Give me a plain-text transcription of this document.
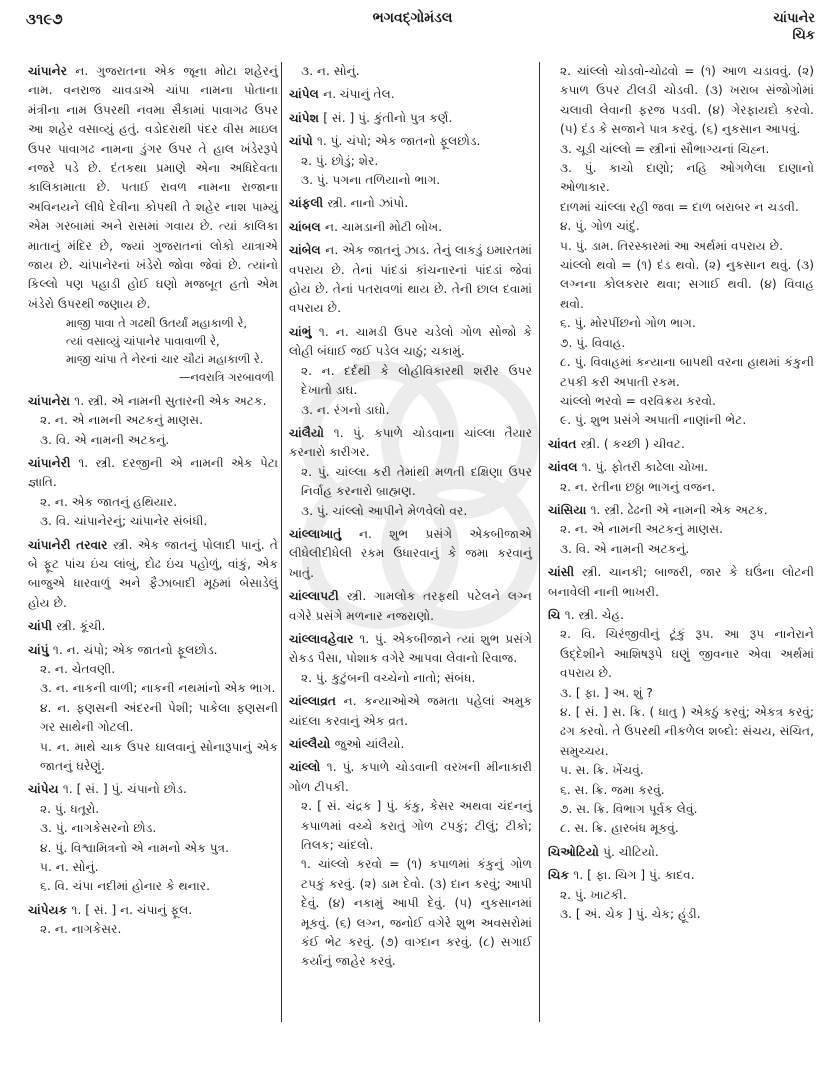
૩૧૯૭	ભગવદ્ગોમંડલ	ચાંપાનેર
ચિક

ચાંપાનેર ન. ગુજરાતના એક જૂના મોટા શહેરનું નામ. વનરાજ ચાવડાએ ચાંપા નામના પોતાના મંત્રીના નામ ઉપરથી નવમા સૈકામાં પાવાગઢ ઉપર આ શહેર વસાવ્યું હતું. વડોદરાથી પંદર વીસ માઇલ ઉપર પાવાગઢ નામના ડુંગર ઉપર તે હાલ ખંડેરરૂપે નજરે પડે છે. દંતકથા પ્રમાણે એના અધિદેવતા કાલિકામાતા છે. પતાઈ રાવળ નામના રાજાના અવિનયને લીધે દેવીના કોપથી તે શહેર નાશ પામ્યું એમ ગરબામાં અને રાસમાં ગવાય છે. ત્યાં કાલિકા માતાનું મંદિર છે, જ્યાં ગુજરાતનાં લોકો યાત્રાએ જાય છે. ચાંપાનેરનાં ખંડેરો જોવા જેવાં છે. ત્યાંનો કિલ્લો પણ પહાડી હોઈ ઘણો મજબૂત હતો એમ ખંડેરો ઉપરથી જણાય છે.

માજી પાવા તે ગઢથી ઉતર્યાં મહાકાળી રે,

ત્યાં વસાવ્યું ચાંપાનેર પાવાવાળી રે,

માજી ચાંપા તે નેરનાં ચાર ચૌટાં મહાકાળી રે.

—નવરાત્રિ ગરબાવળી

ચાંપાનેરા ૧. સ્ત્રી. એ નામની સુતારની એક અટક.

૨. ન. એ નામની અટકનું માણસ.

૩. વિ. એ નામની અટકનું.

ચાંપાનેરી ૧. સ્ત્રી. દરજીની એ નામની એક પેટા જ્ઞાતિ.

૨. ન. એક જાતનું હથિયાર.

૩. વિ. ચાંપાનેરનું; ચાંપાનેર સંબંધી.

ચાંપાનેરી તરવાર સ્ત્રી. એક જાતનું પોલાદી પાનું. તે બે ફૂટ પાંચ ઇંચ લાંબું, દોઢ ઇંચ પહોળું, વાંકું, એક બાજુએ ધારવાળું અને ફૈઝાબાદી મૂઠમાં બેસાડેલું હોય છે.

ચાંપી સ્ત્રી. કૂંચી.

ચાંપું ૧. ન. ચંપો; એક જાતનો ફૂલછોડ.

૨. ન. ચેતવણી.

૩. ન. નાકની વાળી; નાકની નથમાંનો એક ભાગ.

૪. ન. ફણસની અંદરની પેશી; પાકેલા ફણસની ગર સાથેની ગોટલી.

૫. ન. માથે ચાક ઉપર ઘાલવાનું સોનારૂપાનું એક જાતનું ઘરેણું.

ચાંપેય ૧. [ સં. ] પું. ચંપાનો છોડ.

૨. પું. ધતૂરો.

૩. પું. નાગકેસરનો છોડ.

૪. પું. વિશ્વામિત્રનો એ નામનો એક પુત્ર.

૫. ન. સોનું.

૬. વિ. ચંપા નદીમાં હોનાર કે થનાર.

ચાંપેયક ૧. [ સં. ] ન. ચંપાનું ફૂલ.

૨. ન. નાગકેસર.

૩. ન. સોનું.

ચાંપેલ ન. ચંપાનું તેલ.

ચાંપેશ [ સં. ] પું. કુંતીનો પુત્ર કર્ણ.

ચાંપો ૧. પું. ચંપો; એક જાતનો ફૂલછોડ.

૨. પું. છોડું; શેર.

૩. પું. પગના તળિયાનો ભાગ.

ચાંફલી સ્ત્રી. નાનો ઝાંપો.

ચાંબલ ન. ચામડાની મોટી બોખ.

ચાંબેલ ન. એક જાતનું ઝાડ. તેનું લાકડું ઇમારતમાં વપરાય છે. તેનાં પાંદડાં કાંચનારનાં પાંદડાં જેવાં હોય છે. તેનાં પતરાવળાં થાય છે. તેની છાલ દવામાં વપરાય છે.

ચાંભું ૧. ન. ચામડી ઉપર ચડેલો ગોળ સોજો કે લોહી બંધાઈ જઈ પડેલ ચાઠું; ચકામું.

૨. ન. દર્દથી કે લોહીવિકારથી શરીર ઉપર દેખાતો ડાઘ.

૩. ન. રંગનો ડાઘો.

ચાંલૈયો ૧. પું. કપાળે ચોડવાના ચાંલ્લા તૈયાર કરનારો કારીગર.

૨. પું. ચાંલ્લા કરી તેમાંથી મળતી દક્ષિણા ઉપર નિર્વાહ કરનારો બ્રાહ્મણ.

૩. પું. ચાંલ્લો આપીને મેળવેલો વર.

ચાંલ્લાખાતું ન. શુભ પ્રસંગે એકબીજાએ લીધેલીદીધેલી રકમ ઉધારવાનું કે જમા કરવાનું ખાતું.

ચાંલ્લાપટી સ્ત્રી. ગામલોક તરફથી પટેલને લગ્ન વગેરે પ્રસંગે મળનાર નજરાણો.

ચાંલ્લાવહેવાર ૧. પું. એકબીજાને ત્યાં શુભ પ્રસંગે રોકડ પૈસા, પોશાક વગેરે આપવા લેવાનો રિવાજ.

૨. પું. કુટુંબની વચ્ચેનો નાતો; સંબંધ.

ચાંલ્લાવ્રત ન. કન્યાઓએ જમતા પહેલાં અમુક ચાંદલા કરવાનું એક વ્રત.

ચાંલ્લૈયો જુઓ ચાંલૈયો.

ચાંલ્લો ૧. પું. કપાળે ચોડવાની વરખની મીનાકારી ગોળ ટીપકી.

૨. [ સં. ચંદ્રક ] પું. કંકુ, કેસર અથવા ચંદનનું કપાળમાં વચ્ચે કરાતું ગોળ ટપકું; ટીલું; ટીકો; તિલક; ચાંદલો.

૧. ચાંલ્લો કરવો = (૧) કપાળમાં કંકુનું ગોળ ટપકું કરવું. (૨) ડામ દેવો. (૩) દાન કરવું; આપી દેવું. (૪) નકામું આપી દેવું. (૫) નુકસાનમાં મૂકવું. (૬) લગ્ન, જનોઈ વગેરે શુભ અવસરોમાં કંઈ ભેટ કરવું. (૭) વાગ્દાન કરવું. (૮) સગાઈ કર્યાનું જાહેર કરવું.

૨. ચાંલ્લો ચોડવો-ચોઢવો = (૧) આળ ચડાવવું. (૨) કપાળ ઉપર ટીલડી ચોડવી. (૩) ખરાબ સંજોગોમાં ચલાવી લેવાની ફરજ પડવી. (૪) ગેરફાયદો કરવો. (૫) દંડ કે સજાને પાત્ર કરવું. (૬) નુકસાન આપવું.

૩. ચૂડી ચાંલ્લો = સ્ત્રીનાં સૌભાગ્યનાં ચિહ્ન.

૩. પું. કાચો દાણો; નહિ ઓગળેલા દાણાનો ઓળાકાર.

દાળમાં ચાંલ્લા રહી જવા = દાળ બરાબર ન ચડવી.

૪. પું. ગોળ ચાંદું.

૫. પું. ડામ. તિરસ્કારમાં આ અર્થમાં વપરાય છે.

ચાંલ્લો થવો = (૧) દંડ થવો. (૨) નુકસાન થવું. (૩) લગ્નના કોલકરાર થવા; સગાઈ થવી. (૪) વિવાહ થવો.

૬. પું. મોરપીંછનો ગોળ ભાગ.

૭. પું. વિવાહ.

૮. પું. વિવાહમાં કન્યાના બાપથી વરના હાથમાં કંકુની ટપકી કરી અપાતી રકમ.

ચાંલ્લો ભરવો = વરવિક્રય કરવો.

૯. પું. શુભ પ્રસંગે અપાતી નાણાંની ભેટ.

ચાંવત સ્ત્રી. ( કચ્છી ) ચીવટ.

ચાંવલ ૧. પું. ફોતરી કાઢેલા ચોખા.

૨. ન. રતીના છઠ્ઠા ભાગનું વજન.

ચાંસિયા ૧. સ્ત્રી. ઢેઢની એ નામની એક અટક.

૨. ન. એ નામની અટકનું માણસ.

૩. વિ. એ નામની અટકનું.

ચાંસી સ્ત્રી. ચાનકી; બાજરી, જાર કે ઘઉંના લોટની બનાવેલી નાની ભાખરી.

ચિ ૧. સ્ત્રી. ચેહ.

૨. વિ. ચિરંજીવીનું ટૂંકું રૂપ. આ રૂપ નાનેરાને ઉદ્દેશીને આશિષરૂપે ઘણું જીવનાર એવા અર્થમાં વપરાય છે.

૩. [ ફા. ] અ. શું ?

૪. [ સં. ] સ. ક્રિ. ( ધાતુ ) એકઠું કરવું; એકત્ર કરવું; ઢગ કરવો. તે ઉપરથી નીકળેલ શબ્દો: સંચય, સંચિત, સમુચ્ચય.

૫. સ. ક્રિ. ખેંચવું.

૬. સ. ક્રિ. જમા કરવું.

૭. સ. ક્રિ. વિભાગ પૂર્વક લેવું.

૮. સ. ક્રિ. હારબંધ મૂકવું.

ચિઓટિયો પું. ચીટિયો.

ચિક ૧. [ ફા. ચિગ ] પું. કાદવ.

૨. પું. ખાટકી.

૩. [ અં. ચેક ] પું. ચેક; હૂંડી.
